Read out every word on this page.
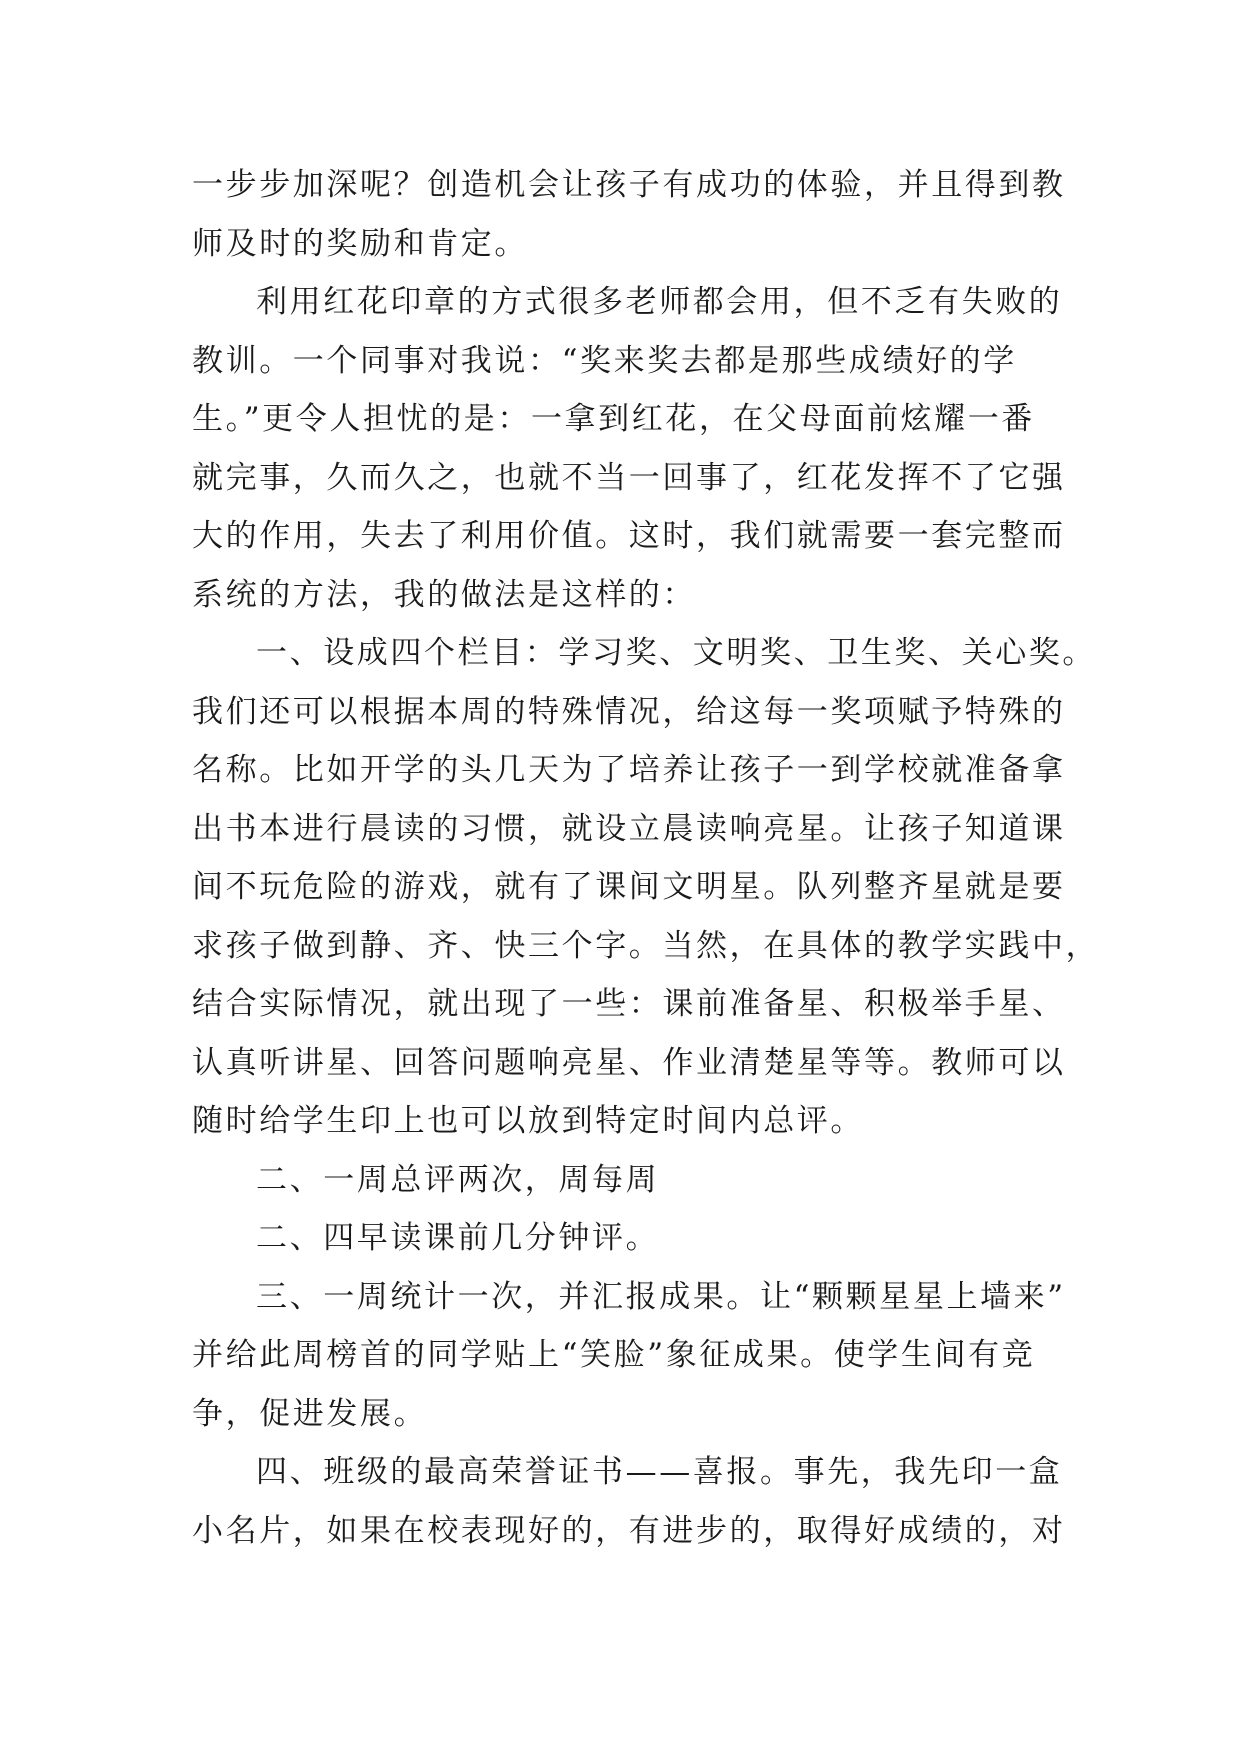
一步步加深呢？创造机会让孩子有成功的体验，并且得到教
师及时的奖励和肯定。
利用红花印章的方式很多老师都会用，但不乏有失败的
教训。一个同事对我说：“奖来奖去都是那些成绩好的学
生。”更令人担忧的是：一拿到红花，在父母面前炫耀一番
就完事，久而久之，也就不当一回事了，红花发挥不了它强
大的作用，失去了利用价值。这时，我们就需要一套完整而
系统的方法，我的做法是这样的：
一、设成四个栏目：学习奖、文明奖、卫生奖、关心奖。
我们还可以根据本周的特殊情况，给这每一奖项赋予特殊的
名称。比如开学的头几天为了培养让孩子一到学校就准备拿
出书本进行晨读的习惯，就设立晨读响亮星。让孩子知道课
间不玩危险的游戏，就有了课间文明星。队列整齐星就是要
求孩子做到静、齐、快三个字。当然，在具体的教学实践中，
结合实际情况，就出现了一些：课前准备星、积极举手星、
认真听讲星、回答问题响亮星、作业清楚星等等。教师可以
随时给学生印上也可以放到特定时间内总评。
二、一周总评两次，周每周
二、四早读课前几分钟评。
三、一周统计一次，并汇报成果。让“颗颗星星上墙来”
并给此周榜首的同学贴上“笑脸”象征成果。使学生间有竞
争，促进发展。
四、班级的最高荣誉证书——喜报。事先，我先印一盒
小名片，如果在校表现好的，有进步的，取得好成绩的，对
